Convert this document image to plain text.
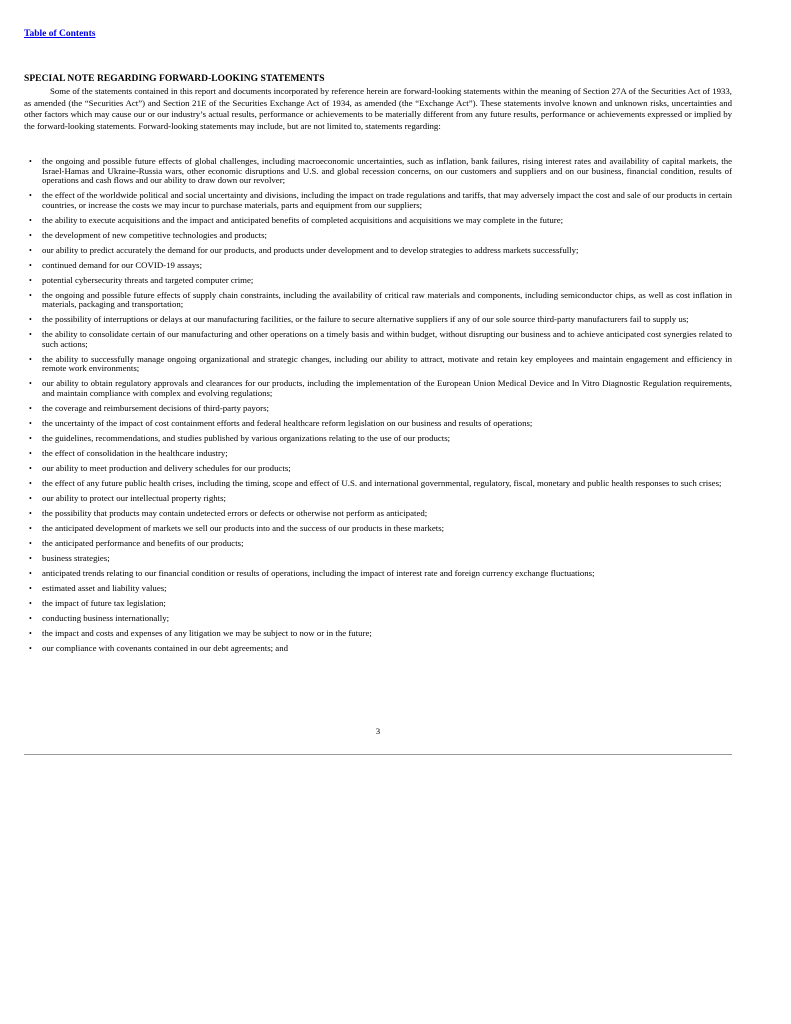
Table of Contents
SPECIAL NOTE REGARDING FORWARD-LOOKING STATEMENTS

Some of the statements contained in this report and documents incorporated by reference herein are forward-looking statements within the meaning of Section 27A of the Securities Act of 1933, as amended (the “Securities Act”) and Section 21E of the Securities Exchange Act of 1934, as amended (the “Exchange Act”). These statements involve known and unknown risks, uncertainties and other factors which may cause our or our industry’s actual results, performance or achievements to be materially different from any future results, performance or achievements expressed or implied by the forward-looking statements. Forward-looking statements may include, but are not limited to, statements regarding:

• the ongoing and possible future effects of global challenges, including macroeconomic uncertainties, such as inflation, bank failures, rising interest rates and availability of capital markets, the Israel-Hamas and Ukraine-Russia wars, other economic disruptions and U.S. and global recession concerns, on our customers and suppliers and on our business, financial condition, results of operations and cash flows and our ability to draw down our revolver;
• the effect of the worldwide political and social uncertainty and divisions, including the impact on trade regulations and tariffs, that may adversely impact the cost and sale of our products in certain countries, or increase the costs we may incur to purchase materials, parts and equipment from our suppliers;
• the ability to execute acquisitions and the impact and anticipated benefits of completed acquisitions and acquisitions we may complete in the future;
• the development of new competitive technologies and products;
• our ability to predict accurately the demand for our products, and products under development and to develop strategies to address markets successfully;
• continued demand for our COVID-19 assays;
• potential cybersecurity threats and targeted computer crime;
• the ongoing and possible future effects of supply chain constraints, including the availability of critical raw materials and components, including semiconductor chips, as well as cost inflation in materials, packaging and transportation;
• the possibility of interruptions or delays at our manufacturing facilities, or the failure to secure alternative suppliers if any of our sole source third-party manufacturers fail to supply us;
• the ability to consolidate certain of our manufacturing and other operations on a timely basis and within budget, without disrupting our business and to achieve anticipated cost synergies related to such actions;
• the ability to successfully manage ongoing organizational and strategic changes, including our ability to attract, motivate and retain key employees and maintain engagement and efficiency in remote work environments;
• our ability to obtain regulatory approvals and clearances for our products, including the implementation of the European Union Medical Device and In Vitro Diagnostic Regulation requirements, and maintain compliance with complex and evolving regulations;
• the coverage and reimbursement decisions of third-party payors;
• the uncertainty of the impact of cost containment efforts and federal healthcare reform legislation on our business and results of operations;
• the guidelines, recommendations, and studies published by various organizations relating to the use of our products;
• the effect of consolidation in the healthcare industry;
• our ability to meet production and delivery schedules for our products;
• the effect of any future public health crises, including the timing, scope and effect of U.S. and international governmental, regulatory, fiscal, monetary and public health responses to such crises;
• our ability to protect our intellectual property rights;
• the possibility that products may contain undetected errors or defects or otherwise not perform as anticipated;
• the anticipated development of markets we sell our products into and the success of our products in these markets;
• the anticipated performance and benefits of our products;
• business strategies;
• anticipated trends relating to our financial condition or results of operations, including the impact of interest rate and foreign currency exchange fluctuations;
• estimated asset and liability values;
• the impact of future tax legislation;
• conducting business internationally;
• the impact and costs and expenses of any litigation we may be subject to now or in the future;
• our compliance with covenants contained in our debt agreements; and
3
